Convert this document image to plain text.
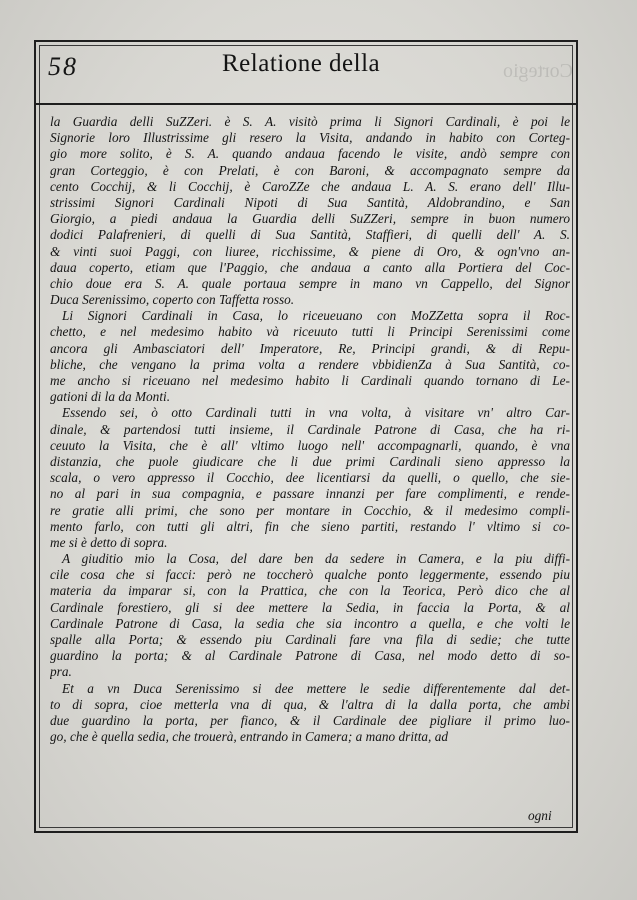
58	Relatione della	Cortegio
la Guardia delli SuZZeri. è S. A. visitò prima li Signori Cardinali, è poi le
Signorie loro Illustrissime gli resero la Visita, andando in habito con Corteg-
gio more solito, è S. A. quando andaua facendo le visite, andò sempre con
gran Corteggio, è con Prelati, è con Baroni, & accompagnato sempre da
cento Cocchij, & li Cocchij, è CaroZZe che andaua L. A. S. erano dell' Illu-
strissimi Signori Cardinali Nipoti di Sua Santità, Aldobrandino, e San
Giorgio, a piedi andaua la Guardia delli SuZZeri, sempre in buon numero
dodici Palafrenieri, di quelli di Sua Santità, Staffieri, di quelli dell' A. S.
& vinti suoi Paggi, con liuree, ricchissime, & piene di Oro, & ogn'vno an-
daua coperto, etiam que l'Paggio, che andaua a canto alla Portiera del Coc-
chio doue era S. A. quale portaua sempre in mano vn Cappello, del Signor
Duca Serenissimo, coperto con Taffetta rosso.
Li Signori Cardinali in Casa, lo riceueuano con MoZZetta sopra il Roc-
chetto, e nel medesimo habito và riceuuto tutti li Principi Serenissimi come
ancora gli Ambasciatori dell' Imperatore, Re, Principi grandi, & di Repu-
bliche, che vengano la prima volta a rendere vbbidienZa à Sua Santità, co-
me ancho si riceuano nel medesimo habito li Cardinali quando tornano di Le-
gationi di la da Monti.
Essendo sei, ò otto Cardinali tutti in vna volta, à visitare vn' altro Car-
dinale, & partendosi tutti insieme, il Cardinale Patrone di Casa, che ha ri-
ceuuto la Visita, che è all' vltimo luogo nell' accompagnarli, quando, è vna
distanzia, che puole giudicare che li due primi Cardinali sieno appresso la
scala, o vero appresso il Cocchio, dee licentiarsi da quelli, o quello, che sie-
no al pari in sua compagnia, e passare innanzi per fare complimenti, e rende-
re gratie alli primi, che sono per montare in Cocchio, & il medesimo compli-
mento farlo, con tutti gli altri, fin che sieno partiti, restando l' vltimo si co-
me si è detto di sopra.
A giuditio mio la Cosa, del dare ben da sedere in Camera, e la piu diffi-
cile cosa che si facci: però ne toccherò qualche ponto leggermente, essendo piu
materia da imparar si, con la Prattica, che con la Teorica, Però dico che al
Cardinale forestiero, gli si dee mettere la Sedia, in faccia la Porta, & al
Cardinale Patrone di Casa, la sedia che sia incontro a quella, e che volti le
spalle alla Porta; & essendo piu Cardinali fare vna fila di sedie; che tutte
guardino la porta; & al Cardinale Patrone di Casa, nel modo detto di so-
pra.
Et a vn Duca Serenissimo si dee mettere le sedie differentemente dal det-
to di sopra, cioe metterla vna di qua, & l'altra di la dalla porta, che ambi
due guardino la porta, per fianco, & il Cardinale dee pigliare il primo luo-
go, che è quella sedia, che trouerà, entrando in Camera; a mano dritta, ad
ogni
